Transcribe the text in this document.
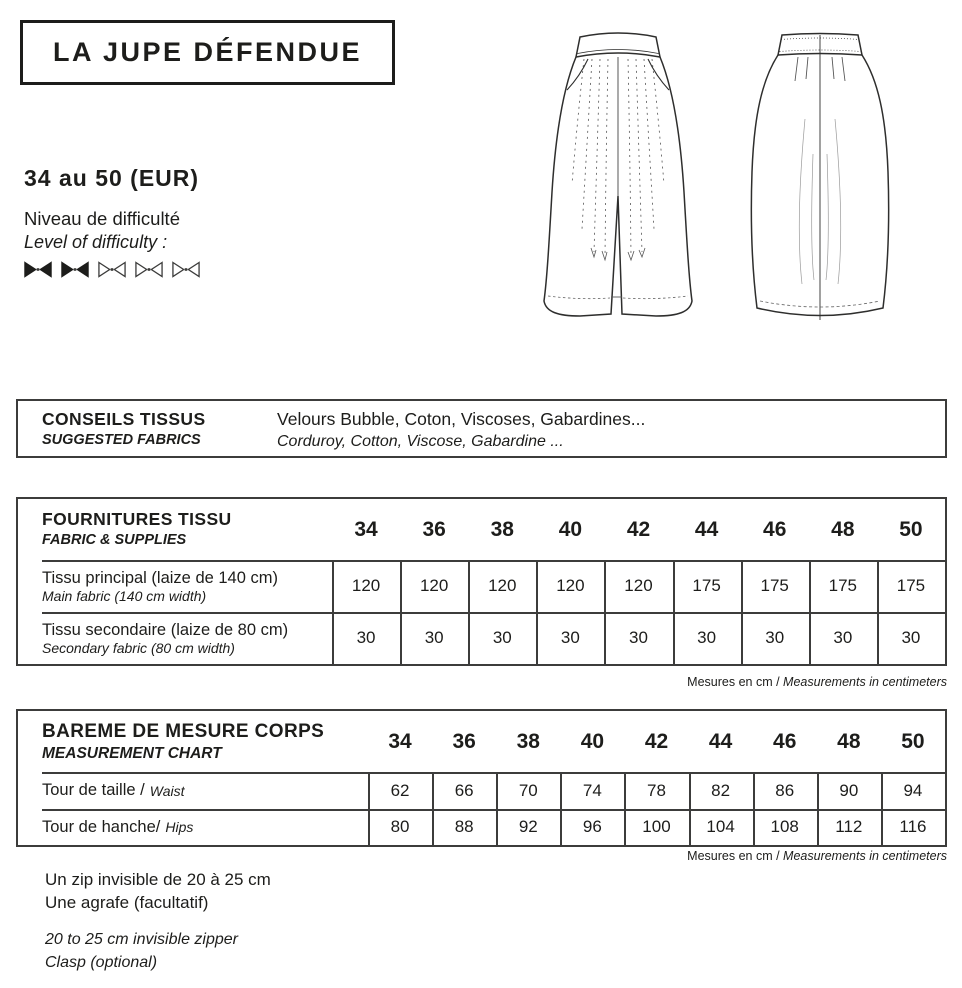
LA JUPE DÉFENDUE
34 au 50 (EUR)
Niveau de difficulté
Level of difficulty :
CONSEILS TISSUS
SUGGESTED FABRICS
Velours Bubble, Coton, Viscoses, Gabardines...
Corduroy, Cotton, Viscose, Gabardine ...
FOURNITURES TISSU
FABRIC & SUPPLIES	34	36	38	40	42	44	46	48	50
Tissu principal (laize de 140 cm)
Main fabric (140 cm width)
120	120	120	120	120	175	175	175	175
Tissu secondaire (laize de 80 cm)
Secondary fabric (80 cm width)
30	30	30	30	30	30	30	30	30
Mesures en cm / Measurements in centimeters
BAREME DE MESURE CORPS
MEASUREMENT CHART
34	36	38	40	42	44	46	48	50
Tour de taille / Waist	62	66	70	74	78	82	86	90	94
Tour de hanche/ Hips	80	88	92	96	100	104	108	112	116
Mesures en cm / Measurements in centimeters
Un zip invisible de 20 à 25 cm
Une agrafe (facultatif)
20 to 25 cm invisible zipper
Clasp (optional)
